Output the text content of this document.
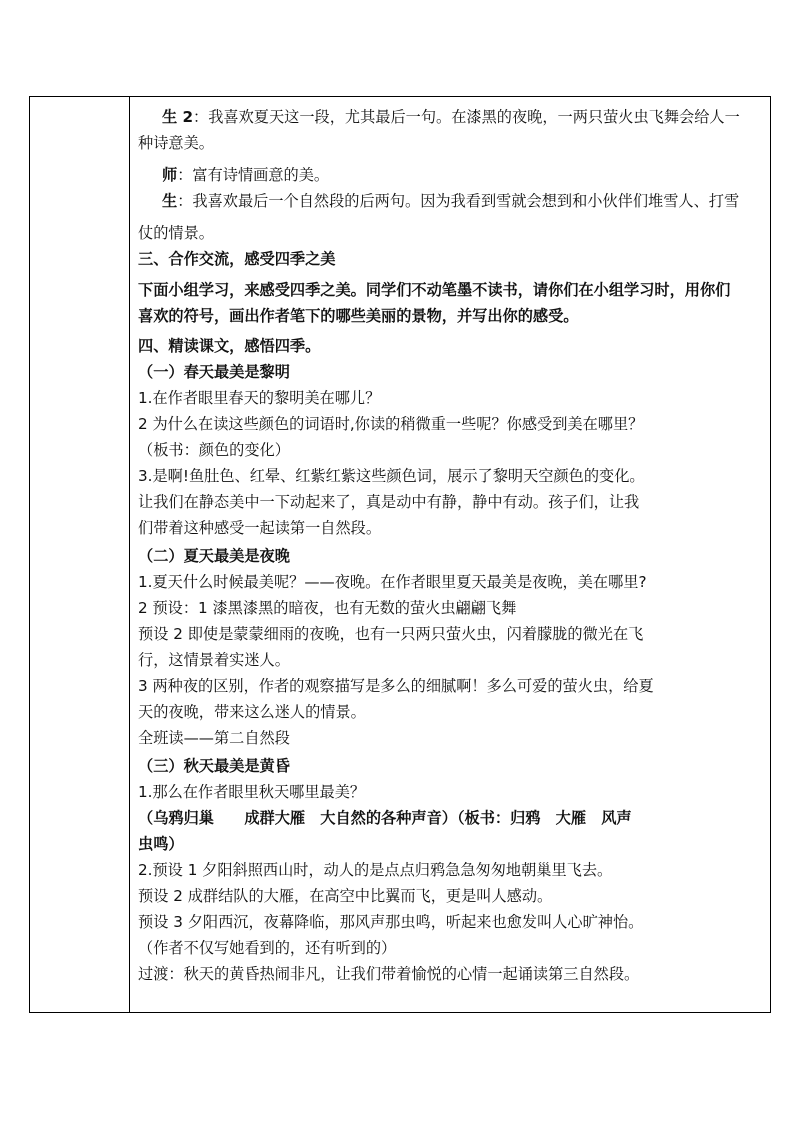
生 2：我喜欢夏天这一段，尤其最后一句。在漆黑的夜晚，一两只萤火虫飞舞会给人一
种诗意美。
师：富有诗情画意的美。
生：我喜欢最后一个自然段的后两句。因为我看到雪就会想到和小伙伴们堆雪人、打雪
仗的情景。
三、合作交流，感受四季之美
下面小组学习，来感受四季之美。同学们不动笔墨不读书，请你们在小组学习时，用你们
喜欢的符号，画出作者笔下的哪些美丽的景物，并写出你的感受。
四、精读课文，感悟四季。
（一）春天最美是黎明
1.在作者眼里春天的黎明美在哪儿？
2 为什么在读这些颜色的词语时,你读的稍微重一些呢？你感受到美在哪里？
（板书：颜色的变化）
3.是啊!鱼肚色、红晕、红紫红紫这些颜色词，展示了黎明天空颜色的变化。
让我们在静态美中一下动起来了，真是动中有静，静中有动。孩子们，让我
们带着这种感受一起读第一自然段。
（二）夏天最美是夜晚
1.夏天什么时候最美呢？——夜晚。在作者眼里夏天最美是夜晚，美在哪里?
2 预设：1 漆黑漆黑的暗夜，也有无数的萤火虫翩翩飞舞
预设 2 即使是蒙蒙细雨的夜晚，也有一只两只萤火虫，闪着朦胧的微光在飞
行，这情景着实迷人。
3 两种夜的区别，作者的观察描写是多么的细腻啊！多么可爱的萤火虫，给夏
天的夜晚，带来这么迷人的情景。
全班读——第二自然段
（三）秋天最美是黄昏
1.那么在作者眼里秋天哪里最美？
（乌鸦归巢　　成群大雁　大自然的各种声音）（板书：归鸦　大雁　风声
虫鸣）
2.预设 1 夕阳斜照西山时，动人的是点点归鸦急急匆匆地朝巢里飞去。
预设 2 成群结队的大雁，在高空中比翼而飞，更是叫人感动。
预设 3 夕阳西沉，夜幕降临，那风声那虫鸣，听起来也愈发叫人心旷神怡。
（作者不仅写她看到的，还有听到的）
过渡：秋天的黄昏热闹非凡，让我们带着愉悦的心情一起诵读第三自然段。
